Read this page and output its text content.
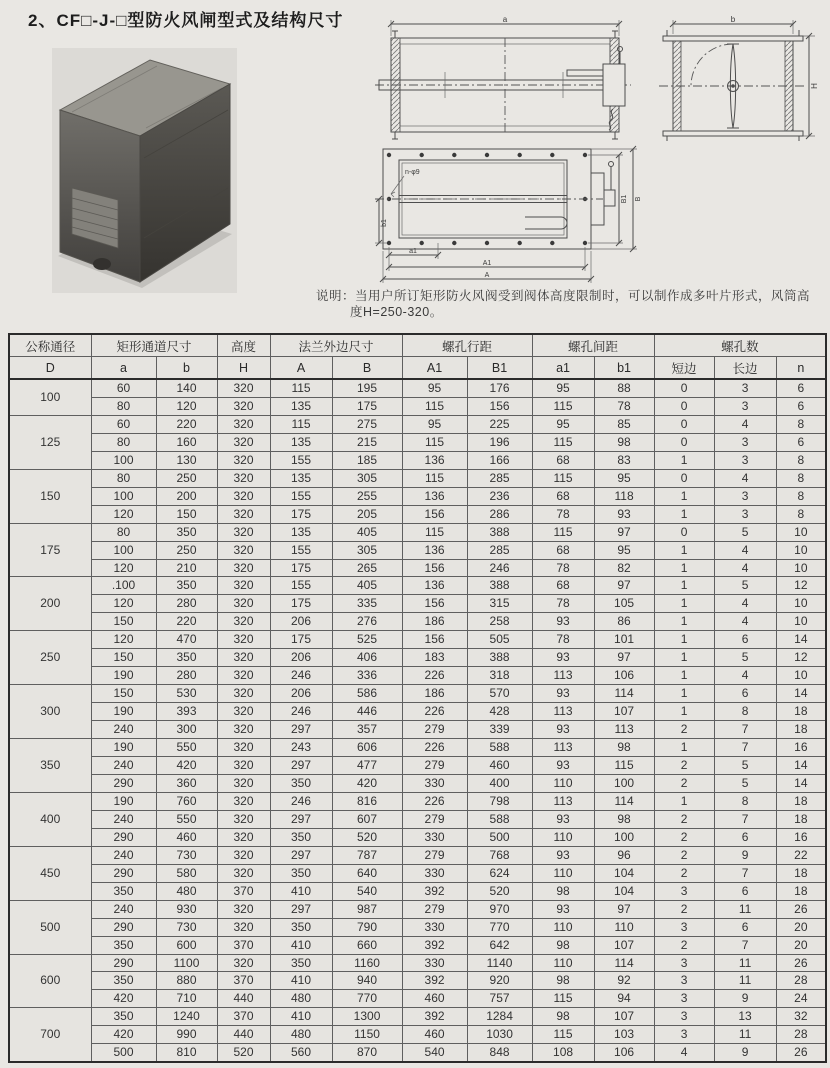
2、CF□-J-□型防火风闸型式及结构尺寸	a	b
H
n-φ9
b1
a1
A1
A
B1 B
说明：当用户所订矩形防火风阀受到阀体高度限制时，可以制作成多叶片形式，风筒高
度H=250-320。
公称通径	矩形通道尺寸		高度	法兰外边尺寸		螺孔行距		螺孔间距		螺孔数		
D	a	b	H	A	B	A1	B1	a1	b1	短边	长边	n
100	60	140	320	115	195	95	176	95	88	0	3	6
	80	120	320	135	175	115	156	115	78	0	3	6
125	60	220	320	115	275	95	225	95	85	0	4	8
	80	160	320	135	215	115	196	115	98	0	3	6
	100	130	320	155	185	136	166	68	83	1	3	8
150	80	250	320	135	305	115	285	115	95	0	4	8
	100	200	320	155	255	136	236	68	118	1	3	8
	120	150	320	175	205	156	286	78	93	1	3	8
175	80	350	320	135	405	115	388	115	97	0	5	10
	100	250	320	155	305	136	285	68	95	1	4	10
	120	210	320	175	265	156	246	78	82	1	4	10
200	.100	350	320	155	405	136	388	68	97	1	5	12
	120	280	320	175	335	156	315	78	105	1	4	10
	150	220	320	206	276	186	258	93	86	1	4	10
250	120	470	320	175	525	156	505	78	101	1	6	14
	150	350	320	206	406	183	388	93	97	1	5	12
	190	280	320	246	336	226	318	113	106	1	4	10
300	150	530	320	206	586	186	570	93	114	1	6	14
	190	393	320	246	446	226	428	113	107	1	8	18
	240	300	320	297	357	279	339	93	113	2	7	18
350	190	550	320	243	606	226	588	113	98	1	7	16
	240	420	320	297	477	279	460	93	115	2	5	14
	290	360	320	350	420	330	400	110	100	2	5	14
400	190	760	320	246	816	226	798	113	114	1	8	18
	240	550	320	297	607	279	588	93	98	2	7	18
	290	460	320	350	520	330	500	110	100	2	6	16
450	240	730	320	297	787	279	768	93	96	2	9	22
	290	580	320	350	640	330	624	110	104	2	7	18
	350	480	370	410	540	392	520	98	104	3	6	18
500	240	930	320	297	987	279	970	93	97	2	11	26
	290	730	320	350	790	330	770	110	110	3	6	20
	350	600	370	410	660	392	642	98	107	2	7	20
600	290	1100	320	350	1160	330	1140	110	114	3	11	26
	350	880	370	410	940	392	920	98	92	3	11	28
	420	710	440	480	770	460	757	115	94	3	9	24
700	350	1240	370	410	1300	392	1284	98	107	3	13	32
	420	990	440	480	1150	460	1030	115	103	3	11	28
	500	810	520	560	870	540	848	108	106	4	9	26
